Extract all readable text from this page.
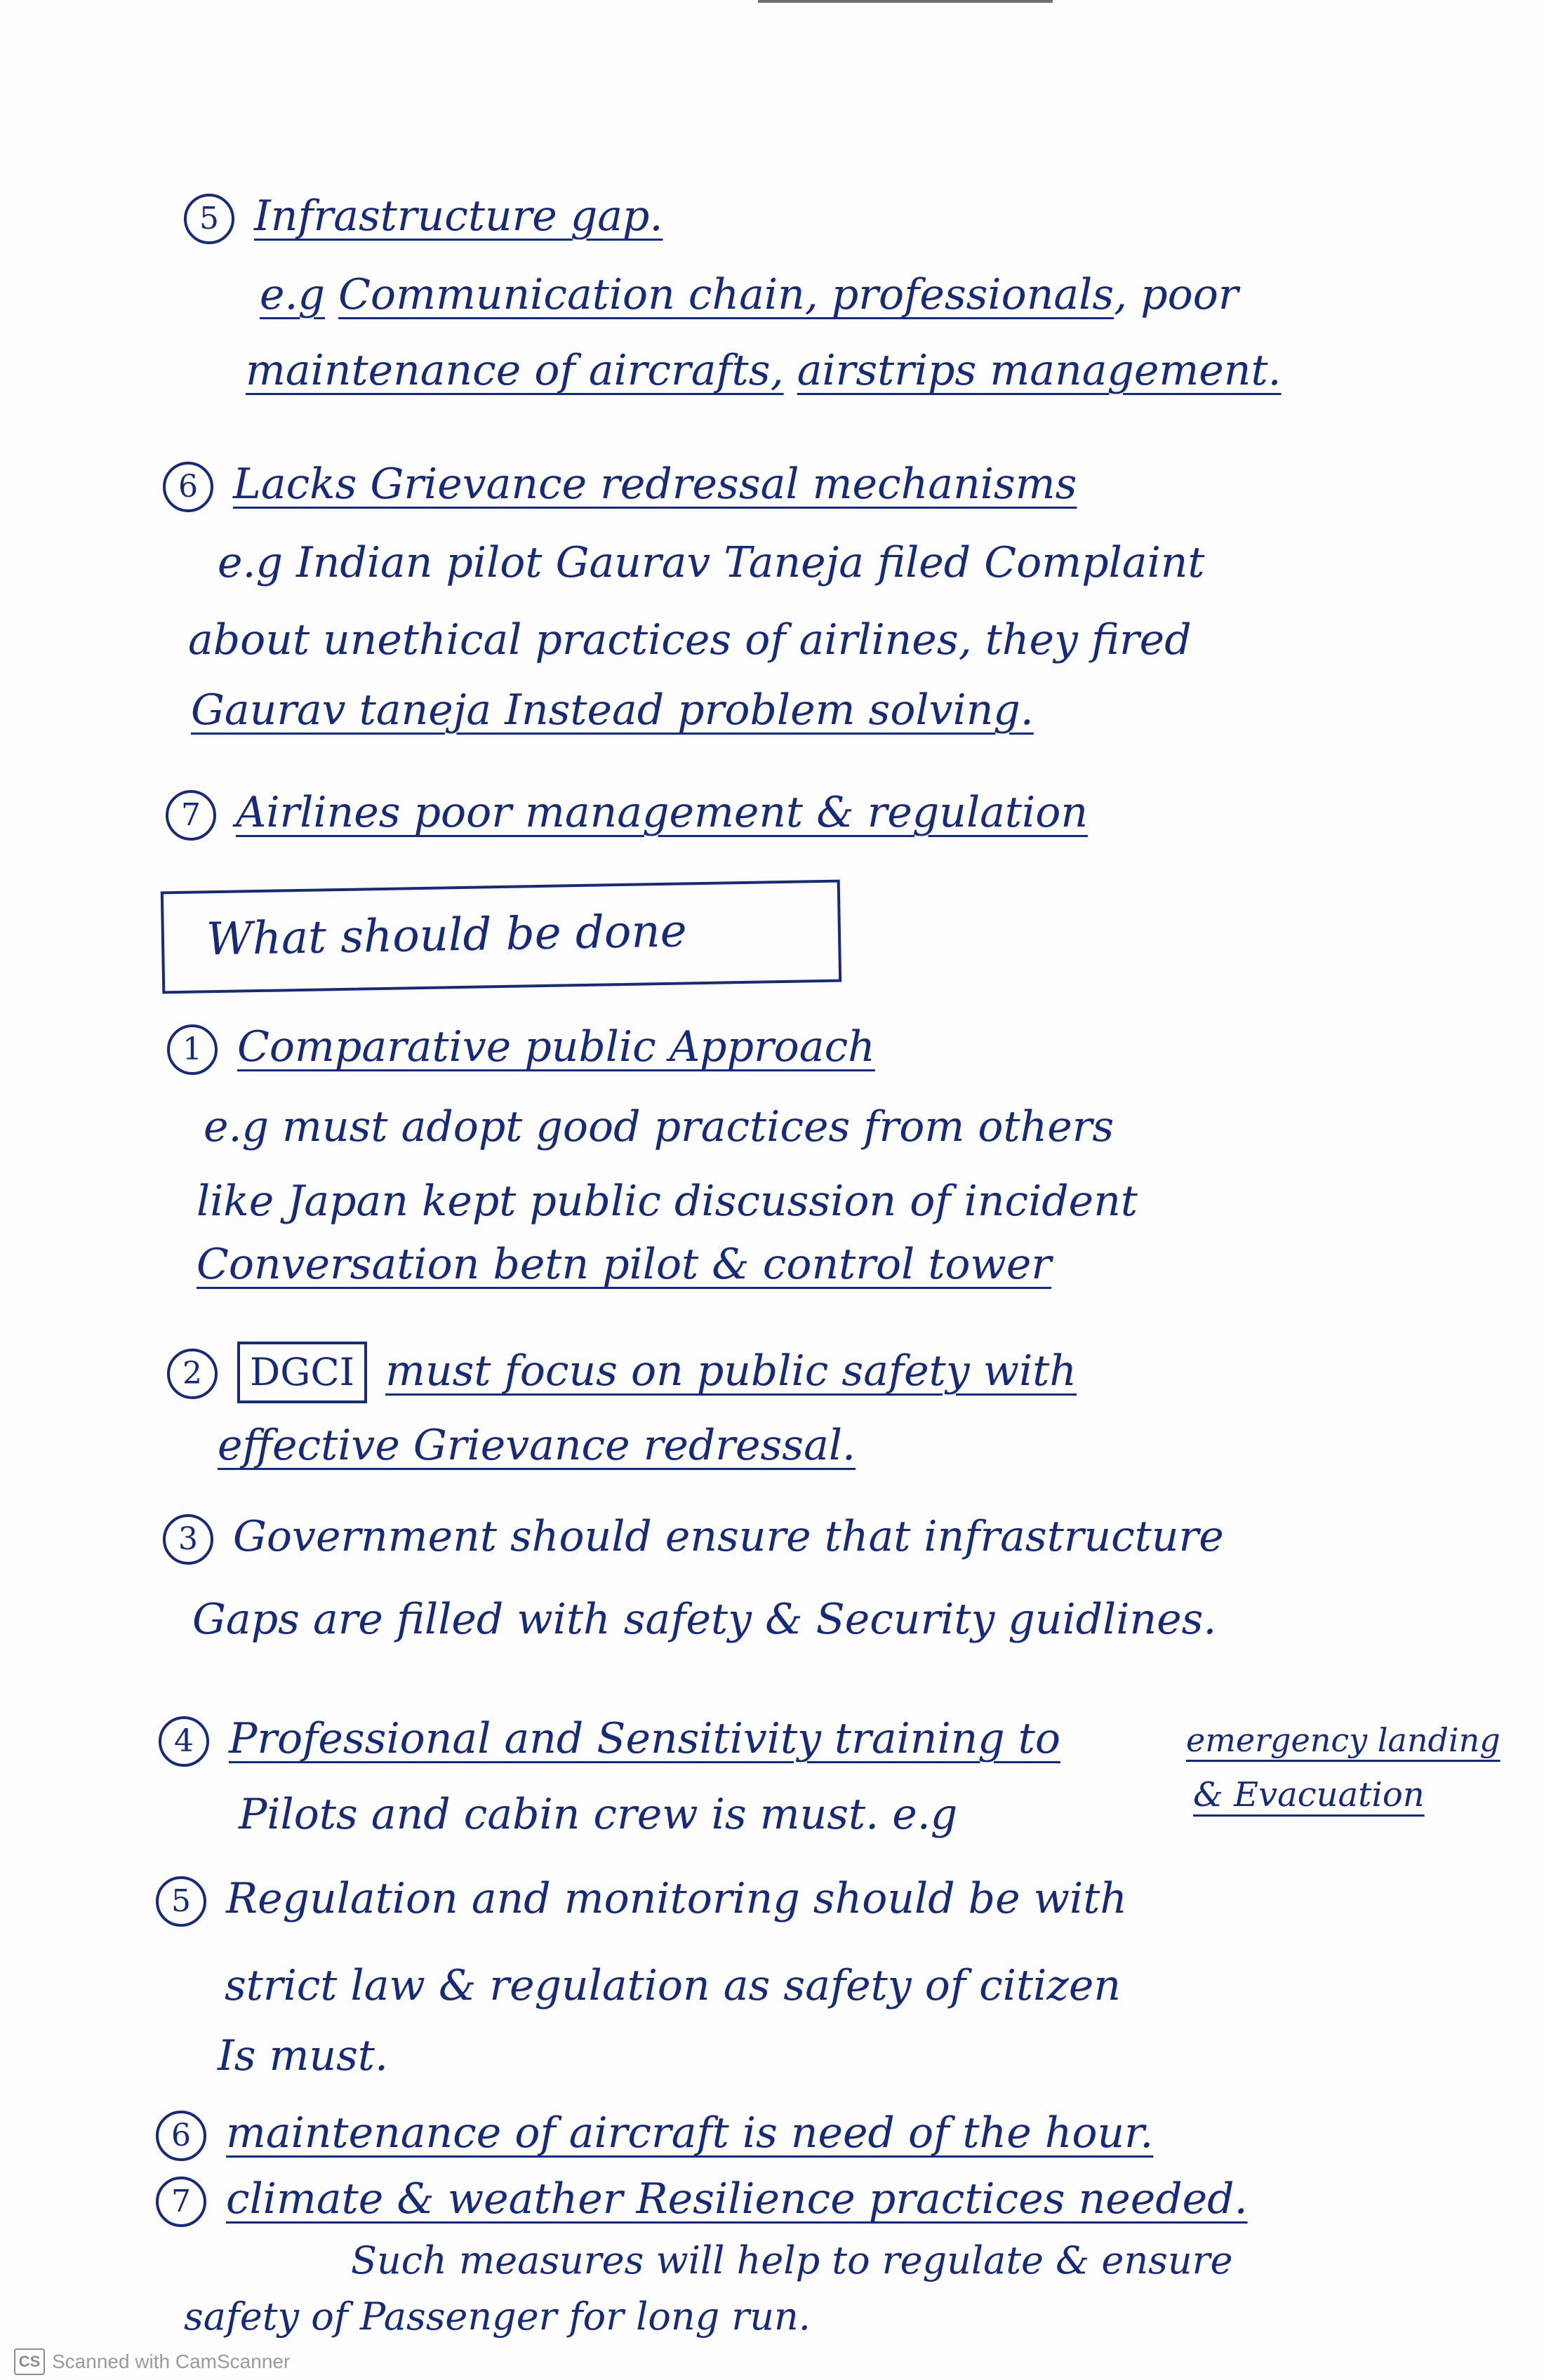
5 Infrastructure gap.
e.g Communication chain, professionals, poor
maintenance of aircrafts, airstrips management.
6 Lacks Grievance redressal mechanisms
e.g Indian pilot Gaurav Taneja filed Complaint
about unethical practices of airlines, they fired
Gaurav taneja Instead problem solving.
7 Airlines poor management & regulation
What should be done
1 Comparative public Approach
e.g must adopt good practices from others
like Japan kept public discussion of incident
Conversation betn pilot & control tower
2 DGCI must focus on public safety with
effective Grievance redressal.
3 Government should ensure that infrastructure
Gaps are filled with safety & Security guidlines.
4 Professional and Sensitivity training to	emergency landing
Pilots and cabin crew is must. e.g	& Evacuation
5 Regulation and monitoring should be with
strict law & regulation as safety of citizen
Is must.
6 maintenance of aircraft is need of the hour.
7 climate & weather Resilience practices needed.
Such measures will help to regulate & ensure
safety of Passenger for long run.
CS Scanned with CamScanner
